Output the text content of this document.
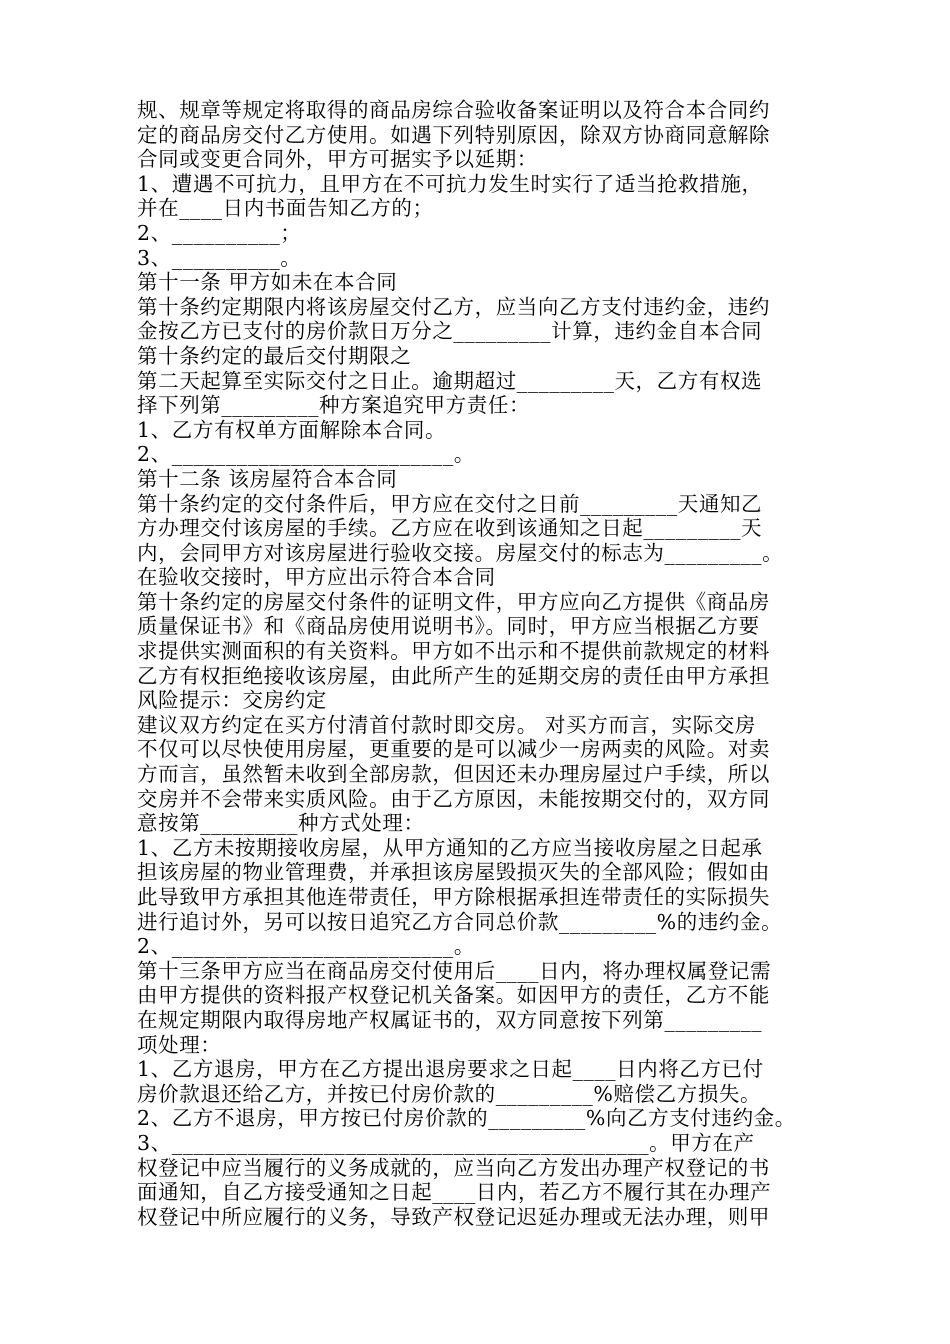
规、规章等规定将取得的商品房综合验收备案证明以及符合本合同约
定的商品房交付乙方使用。如遇下列特别原因，除双方协商同意解除
合同或变更合同外，甲方可据实予以延期：
1、遭遇不可抗力，且甲方在不可抗力发生时实行了适当抢救措施，
并在____日内书面告知乙方的；
2、__________；
3、__________。
第十一条 甲方如未在本合同
第十条约定期限内将该房屋交付乙方，应当向乙方支付违约金，违约
金按乙方已支付的房价款日万分之_________计算，违约金自本合同
第十条约定的最后交付期限之
第二天起算至实际交付之日止。逾期超过_________天，乙方有权选
择下列第_________种方案追究甲方责任：
1、乙方有权单方面解除本合同。
2、__________________________。
第十二条 该房屋符合本合同
第十条约定的交付条件后，甲方应在交付之日前_________天通知乙
方办理交付该房屋的手续。乙方应在收到该通知之日起_________天
内，会同甲方对该房屋进行验收交接。房屋交付的标志为_________。
在验收交接时，甲方应出示符合本合同
第十条约定的房屋交付条件的证明文件，甲方应向乙方提供《商品房
质量保证书》和《商品房使用说明书》。同时，甲方应当根据乙方要
求提供实测面积的有关资料。甲方如不出示和不提供前款规定的材料
乙方有权拒绝接收该房屋，由此所产生的延期交房的责任由甲方承担
风险提示：交房约定
建议双方约定在买方付清首付款时即交房。 对买方而言，实际交房
不仅可以尽快使用房屋，更重要的是可以减少一房两卖的风险。对卖
方而言，虽然暂未收到全部房款，但因还未办理房屋过户手续，所以
交房并不会带来实质风险。由于乙方原因，未能按期交付的，双方同
意按第_________种方式处理：
1、乙方未按期接收房屋，从甲方通知的乙方应当接收房屋之日起承
担该房屋的物业管理费，并承担该房屋毁损灭失的全部风险；假如由
此导致甲方承担其他连带责任，甲方除根据承担连带责任的实际损失
进行追讨外，另可以按日追究乙方合同总价款_________%的违约金。
2、__________________________。
第十三条甲方应当在商品房交付使用后____日内，将办理权属登记需
由甲方提供的资料报产权登记机关备案。如因甲方的责任，乙方不能
在规定期限内取得房地产权属证书的，双方同意按下列第_________
项处理：
1、乙方退房，甲方在乙方提出退房要求之日起____日内将乙方已付
房价款退还给乙方，并按已付房价款的_________%赔偿乙方损失。
2、乙方不退房，甲方按已付房价款的_________%向乙方支付违约金。
3、____________________________________________。甲方在产
权登记中应当履行的义务成就的，应当向乙方发出办理产权登记的书
面通知，自乙方接受通知之日起____日内，若乙方不履行其在办理产
权登记中所应履行的义务，导致产权登记迟延办理或无法办理，则甲
